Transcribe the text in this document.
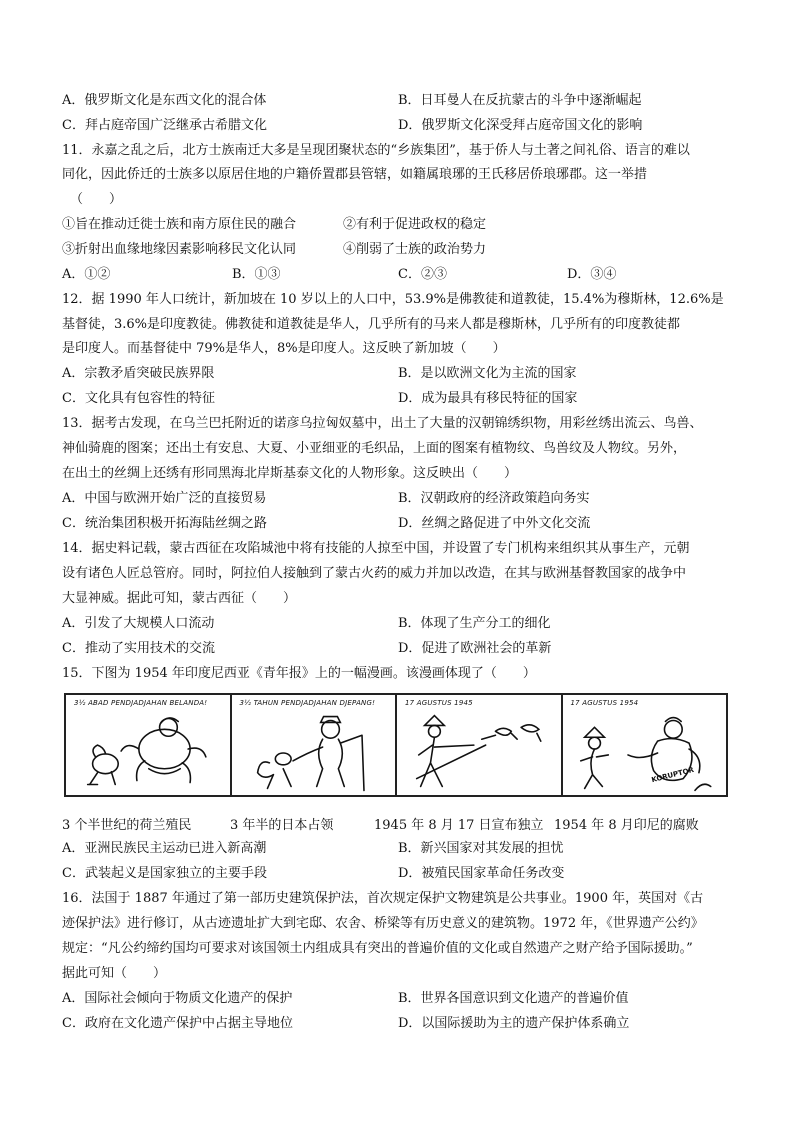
A．俄罗斯文化是东西文化的混合体	B．日耳曼人在反抗蒙古的斗争中逐渐崛起
C．拜占庭帝国广泛继承古希腊文化	D．俄罗斯文化深受拜占庭帝国文化的影响
11．永嘉之乱之后，北方士族南迁大多是呈现团聚状态的“乡族集团”，基于侨人与土著之间礼俗、语言的难以
同化，因此侨迁的士族多以原居住地的户籍侨置郡县管辖，如籍属琅琊的王氏移居侨琅琊郡。这一举措
（　　）
①旨在推动迁徙士族和南方原住民的融合	②有利于促进政权的稳定
③折射出血缘地缘因素影响移民文化认同	④削弱了士族的政治势力
A．①②	B．①③	C．②③	D．③④
12．据 1990 年人口统计，新加坡在 10 岁以上的人口中，53.9%是佛教徒和道教徒，15.4%为穆斯林，12.6%是
基督徒，3.6%是印度教徒。佛教徒和道教徒是华人，几乎所有的马来人都是穆斯林，几乎所有的印度教徒都
是印度人。而基督徒中 79%是华人，8%是印度人。这反映了新加坡（　　）
A．宗教矛盾突破民族界限	B．是以欧洲文化为主流的国家
C．文化具有包容性的特征	D．成为最具有移民特征的国家
13．据考古发现，在乌兰巴托附近的诺彦乌拉匈奴墓中，出土了大量的汉朝锦绣织物，用彩丝绣出流云、鸟兽、
神仙骑鹿的图案；还出土有安息、大夏、小亚细亚的毛织品，上面的图案有植物纹、鸟兽纹及人物纹。另外，
在出土的丝绸上还绣有形同黑海北岸斯基泰文化的人物形象。这反映出（　　）
A．中国与欧洲开始广泛的直接贸易	B．汉朝政府的经济政策趋向务实
C．统治集团积极开拓海陆丝绸之路	D．丝绸之路促进了中外文化交流
14．据史料记载，蒙古西征在攻陷城池中将有技能的人掠至中国，并设置了专门机构来组织其从事生产，元朝
设有诸色人匠总管府。同时，阿拉伯人接触到了蒙古火药的威力并加以改造，在其与欧洲基督教国家的战争中
大显神威。据此可知，蒙古西征（　　）
A．引发了大规模人口流动	B．体现了生产分工的细化
C．推动了实用技术的交流	D．促进了欧洲社会的革新
15．下图为 1954 年印度尼西亚《青年报》上的一幅漫画。该漫画体现了（　　）
3½ ABAD PENDJADJAHAN BELANDA!	3½ TAHUN PENDJADJAHAN DJEPANG!	17 AGUSTUS 1945	17 AGUSTUS 1954
KORUPTOR
3 个半世纪的荷兰殖民	3 年半的日本占领	1945 年 8 月 17 日宣布独立 1954 年 8 月印尼的腐败
A．亚洲民族民主运动已进入新高潮	B．新兴国家对其发展的担忧
C．武装起义是国家独立的主要手段	D．被殖民国家革命任务改变
16．法国于 1887 年通过了第一部历史建筑保护法，首次规定保护文物建筑是公共事业。1900 年，英国对《古
迹保护法》进行修订，从古迹遗址扩大到宅邸、农舍、桥梁等有历史意义的建筑物。1972 年，《世界遗产公约》
规定：“凡公约缔约国均可要求对该国领土内组成具有突出的普遍价值的文化或自然遗产之财产给予国际援助。”
据此可知（　　）
A．国际社会倾向于物质文化遗产的保护	B．世界各国意识到文化遗产的普遍价值
C．政府在文化遗产保护中占据主导地位	D．以国际援助为主的遗产保护体系确立
